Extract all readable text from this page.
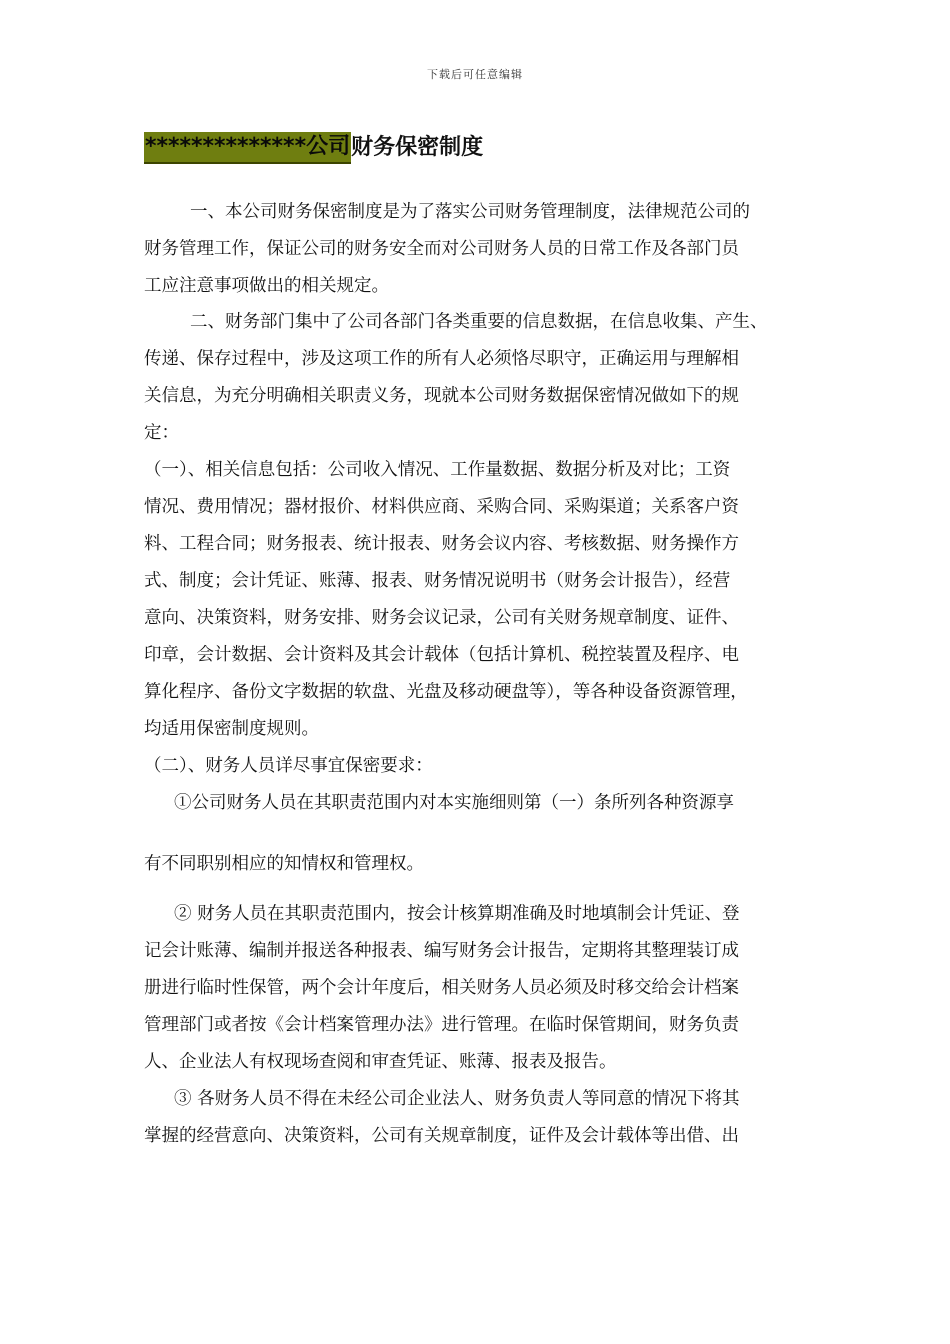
下载后可任意编辑
**************公司 财务保密制度
一、本公司财务保密制度是为了落实公司财务管理制度，法律规范公司的
财务管理工作，保证公司的财务安全而对公司财务人员的日常工作及各部门员
工应注意事项做出的相关规定。
二、财务部门集中了公司各部门各类重要的信息数据，在信息收集、产生、
传递、保存过程中，涉及这项工作的所有人必须恪尽职守，正确运用与理解相
关信息，为充分明确相关职责义务，现就本公司财务数据保密情况做如下的规
定：
（一）、相关信息包括：公司收入情况、工作量数据、数据分析及对比；工资
情况、费用情况；器材报价、材料供应商、采购合同、采购渠道；关系客户资
料、工程合同；财务报表、统计报表、财务会议内容、考核数据、财务操作方
式、制度；会计凭证、账薄、报表、财务情况说明书（财务会计报告），经营
意向、决策资料，财务安排、财务会议记录，公司有关财务规章制度、证件、
印章，会计数据、会计资料及其会计载体（包括计算机、税控装置及程序、电
算化程序、备份文字数据的软盘、光盘及移动硬盘等），等各种设备资源管理，
均适用保密制度规则。
（二）、财务人员详尽事宜保密要求：
①公司财务人员在其职责范围内对本实施细则第（一）条所列各种资源享
有不同职别相应的知情权和管理权。
② 财务人员在其职责范围内，按会计核算期准确及时地填制会计凭证、登
记会计账薄、编制并报送各种报表、编写财务会计报告，定期将其整理装订成
册进行临时性保管，两个会计年度后，相关财务人员必须及时移交给会计档案
管理部门或者按《会计档案管理办法》进行管理。在临时保管期间，财务负责
人、企业法人有权现场查阅和审查凭证、账薄、报表及报告。
③ 各财务人员不得在未经公司企业法人、财务负责人等同意的情况下将其
掌握的经营意向、决策资料，公司有关规章制度，证件及会计载体等出借、出
